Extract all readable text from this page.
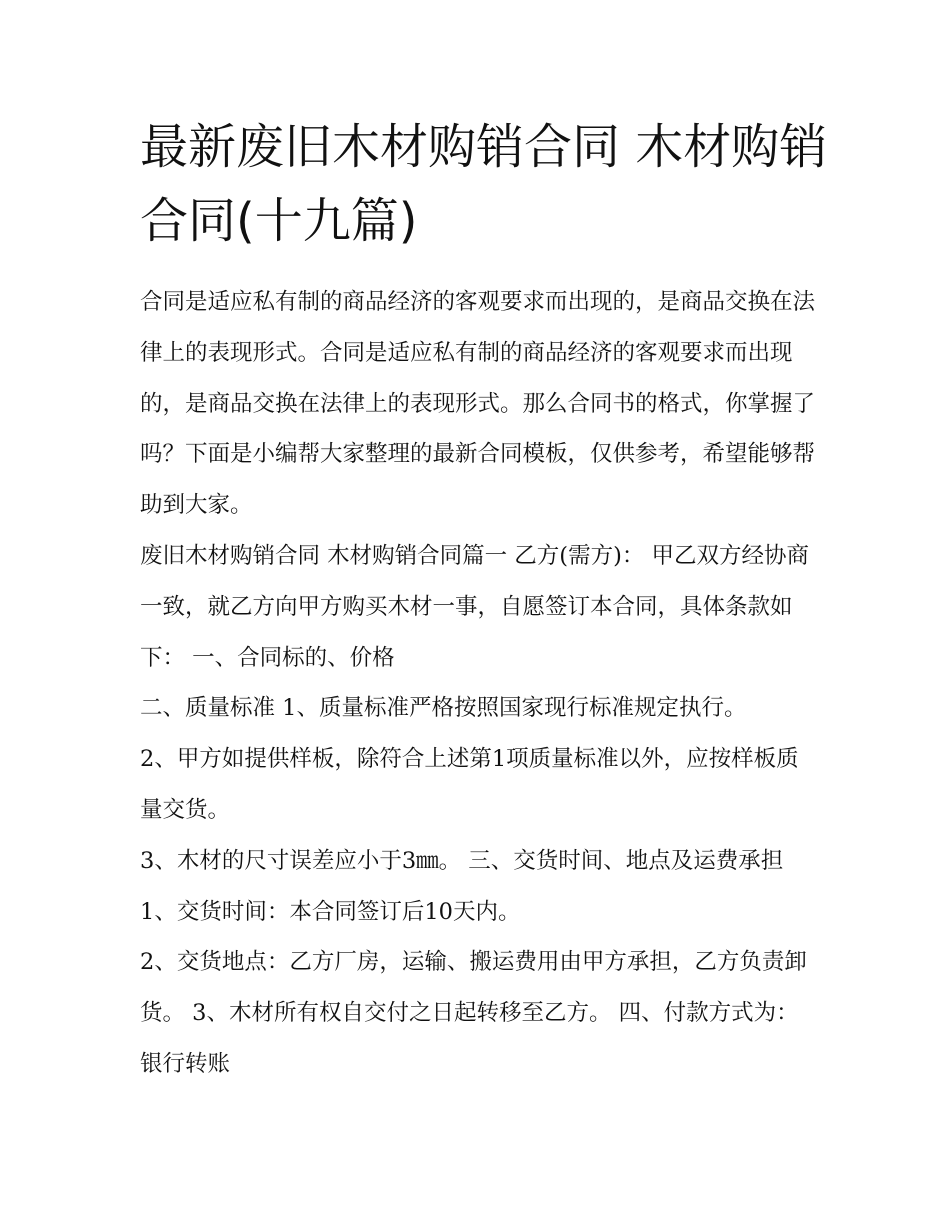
最新废旧木材购销合同 木材购销合同(十九篇)

合同是适应私有制的商品经济的客观要求而出现的，是商品交换在法律上的表现形式。合同是适应私有制的商品经济的客观要求而出现的，是商品交换在法律上的表现形式。那么合同书的格式，你掌握了吗？下面是小编帮大家整理的最新合同模板，仅供参考，希望能够帮助到大家。

废旧木材购销合同 木材购销合同篇一 乙方(需方)： 甲乙双方经协商一致，就乙方向甲方购买木材一事，自愿签订本合同，具体条款如下： 一、合同标的、价格

二、质量标准 1、质量标准严格按照国家现行标准规定执行。

2、甲方如提供样板，除符合上述第1项质量标准以外，应按样板质量交货。

3、木材的尺寸误差应小于3㎜。 三、交货时间、地点及运费承担 1、交货时间：本合同签订后10天内。

2、交货地点：乙方厂房，运输、搬运费用由甲方承担，乙方负责卸货。 3、木材所有权自交付之日起转移至乙方。 四、付款方式为：银行转账
